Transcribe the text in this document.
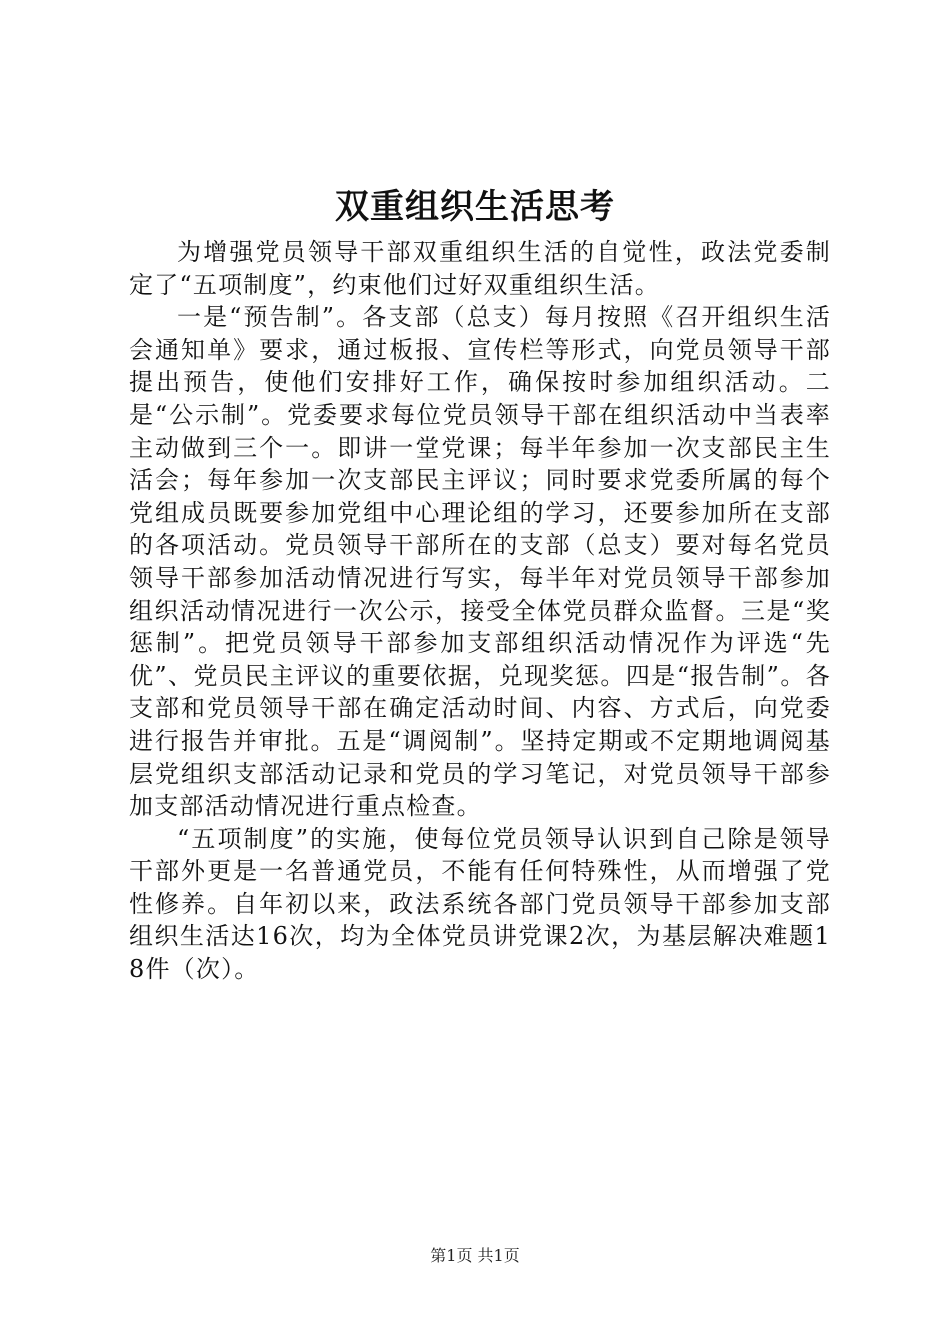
双重组织生活思考

为增强党员领导干部双重组织生活的自觉性，政法党委制定了“五项制度”，约束他们过好双重组织生活。

一是“预告制”。各支部（总支）每月按照《召开组织生活会通知单》要求，通过板报、宣传栏等形式，向党员领导干部提出预告，使他们安排好工作，确保按时参加组织活动。二是“公示制”。党委要求每位党员领导干部在组织活动中当表率主动做到三个一。即讲一堂党课；每半年参加一次支部民主生活会；每年参加一次支部民主评议；同时要求党委所属的每个党组成员既要参加党组中心理论组的学习，还要参加所在支部的各项活动。党员领导干部所在的支部（总支）要对每名党员领导干部参加活动情况进行写实，每半年对党员领导干部参加组织活动情况进行一次公示，接受全体党员群众监督。三是“奖惩制”。把党员领导干部参加支部组织活动情况作为评选“先优”、党员民主评议的重要依据，兑现奖惩。四是“报告制”。各支部和党员领导干部在确定活动时间、内容、方式后，向党委进行报告并审批。五是“调阅制”。坚持定期或不定期地调阅基层党组织支部活动记录和党员的学习笔记，对党员领导干部参加支部活动情况进行重点检查。

“五项制度”的实施，使每位党员领导认识到自己除是领导干部外更是一名普通党员，不能有任何特殊性，从而增强了党性修养。自年初以来，政法系统各部门党员领导干部参加支部组织生活达16次，均为全体党员讲党课2次，为基层解决难题18件（次）。

第1页 共1页
